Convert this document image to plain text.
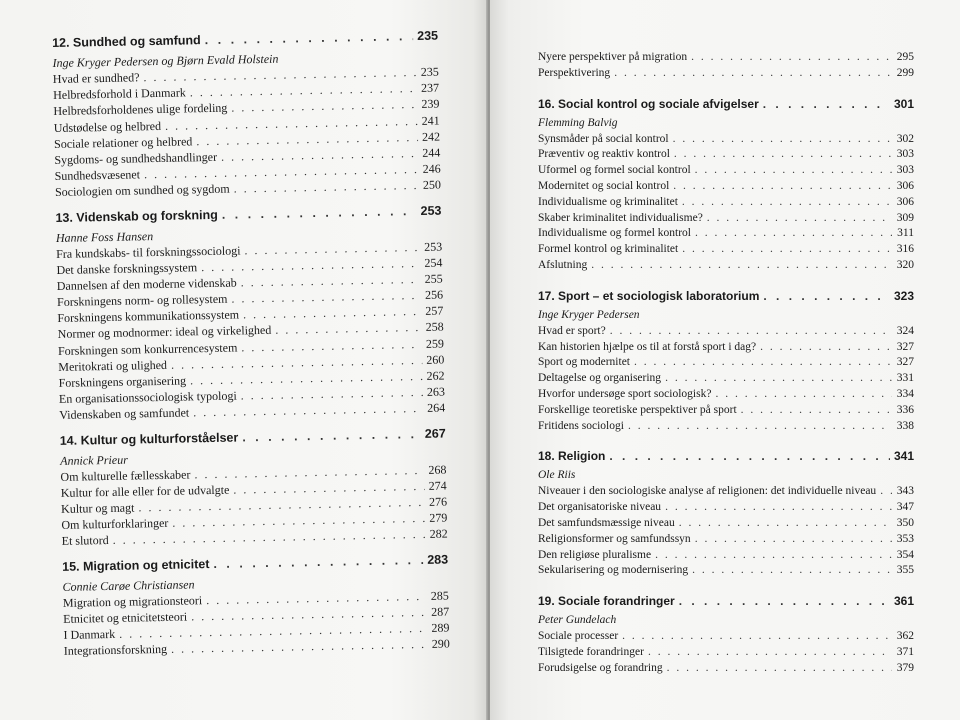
12. Sundhed og samfund . . .	235
Inge Kryger Pedersen og Bjørn Evald Holstein
Hvad er sundhed? . . .	235
Helbredsforhold i Danmark . . .	237
Helbredsforholdenes ulige fordeling . . .	239
Udstødelse og helbred . . .	241
Sociale relationer og helbred . . .	242
Sygdoms- og sundhedshandlinger . . .	244
Sundhedsvæsenet . . .	246
Sociologien om sundhed og sygdom . . .	250
13. Videnskab og forskning . . .	253
Hanne Foss Hansen
Fra kundskabs- til forskningssociologi . . .	253
Det danske forskningssystem . . .	254
Dannelsen af den moderne videnskab . . .	255
Forskningens norm- og rollesystem . . .	256
Forskningens kommunikationssystem . . .	257
Normer og modnormer: ideal og virkelighed . . .	258
Forskningen som konkurrencesystem . . .	259
Meritokrati og ulighed . . .	260
Forskningens organisering . . .	262
En organisationssociologisk typologi . . .	263
Videnskaben og samfundet . . .	264
14. Kultur og kulturforståelser . . .	267
Annick Prieur
Om kulturelle fællesskaber . . .	268
Kultur for alle eller for de udvalgte . . .	274
Kultur og magt . . .	276
Om kulturforklaringer . . .	279
Et slutord . . .	282
15. Migration og etnicitet . . .	283
Connie Carøe Christiansen
Migration og migrationsteori . . .	285
Etnicitet og etnicitetsteori . . .	287
I Danmark . . .	289
Integrationsforskning . . .	290
Nyere perspektiver på migration . . .	295
Perspektivering . . .	299
16. Social kontrol og sociale afvigelser . . .	301
Flemming Balvig
Synsmåder på social kontrol . . .	302
Præventiv og reaktiv kontrol . . .	303
Uformel og formel social kontrol . . .	303
Modernitet og social kontrol . . .	306
Individualisme og kriminalitet . . .	306
Skaber kriminalitet individualisme? . . .	309
Individualisme og formel kontrol . . .	311
Formel kontrol og kriminalitet . . .	316
Afslutning . . .	320
17. Sport – et sociologisk laboratorium . . .	323
Inge Kryger Pedersen
Hvad er sport? . . .	324
Kan historien hjælpe os til at forstå sport i dag? . . .	327
Sport og modernitet . . .	327
Deltagelse og organisering . . .	331
Hvorfor undersøge sport sociologisk? . . .	334
Forskellige teoretiske perspektiver på sport . . .	336
Fritidens sociologi . . .	338
18. Religion . . .	341
Ole Riis
Niveauer i den sociologiske analyse af religionen: det individuelle niveau . . . 343
Det organisatoriske niveau . . .	347
Det samfundsmæssige niveau . . .	350
Religionsformer og samfundssyn . . .	353
Den religiøse pluralisme . . .	354
Sekularisering og modernisering . . .	355
19. Sociale forandringer . . .	361
Peter Gundelach
Sociale processer . . .	362
Tilsigtede forandringer . . .	371
Forudsigelse og forandring . . .	379
